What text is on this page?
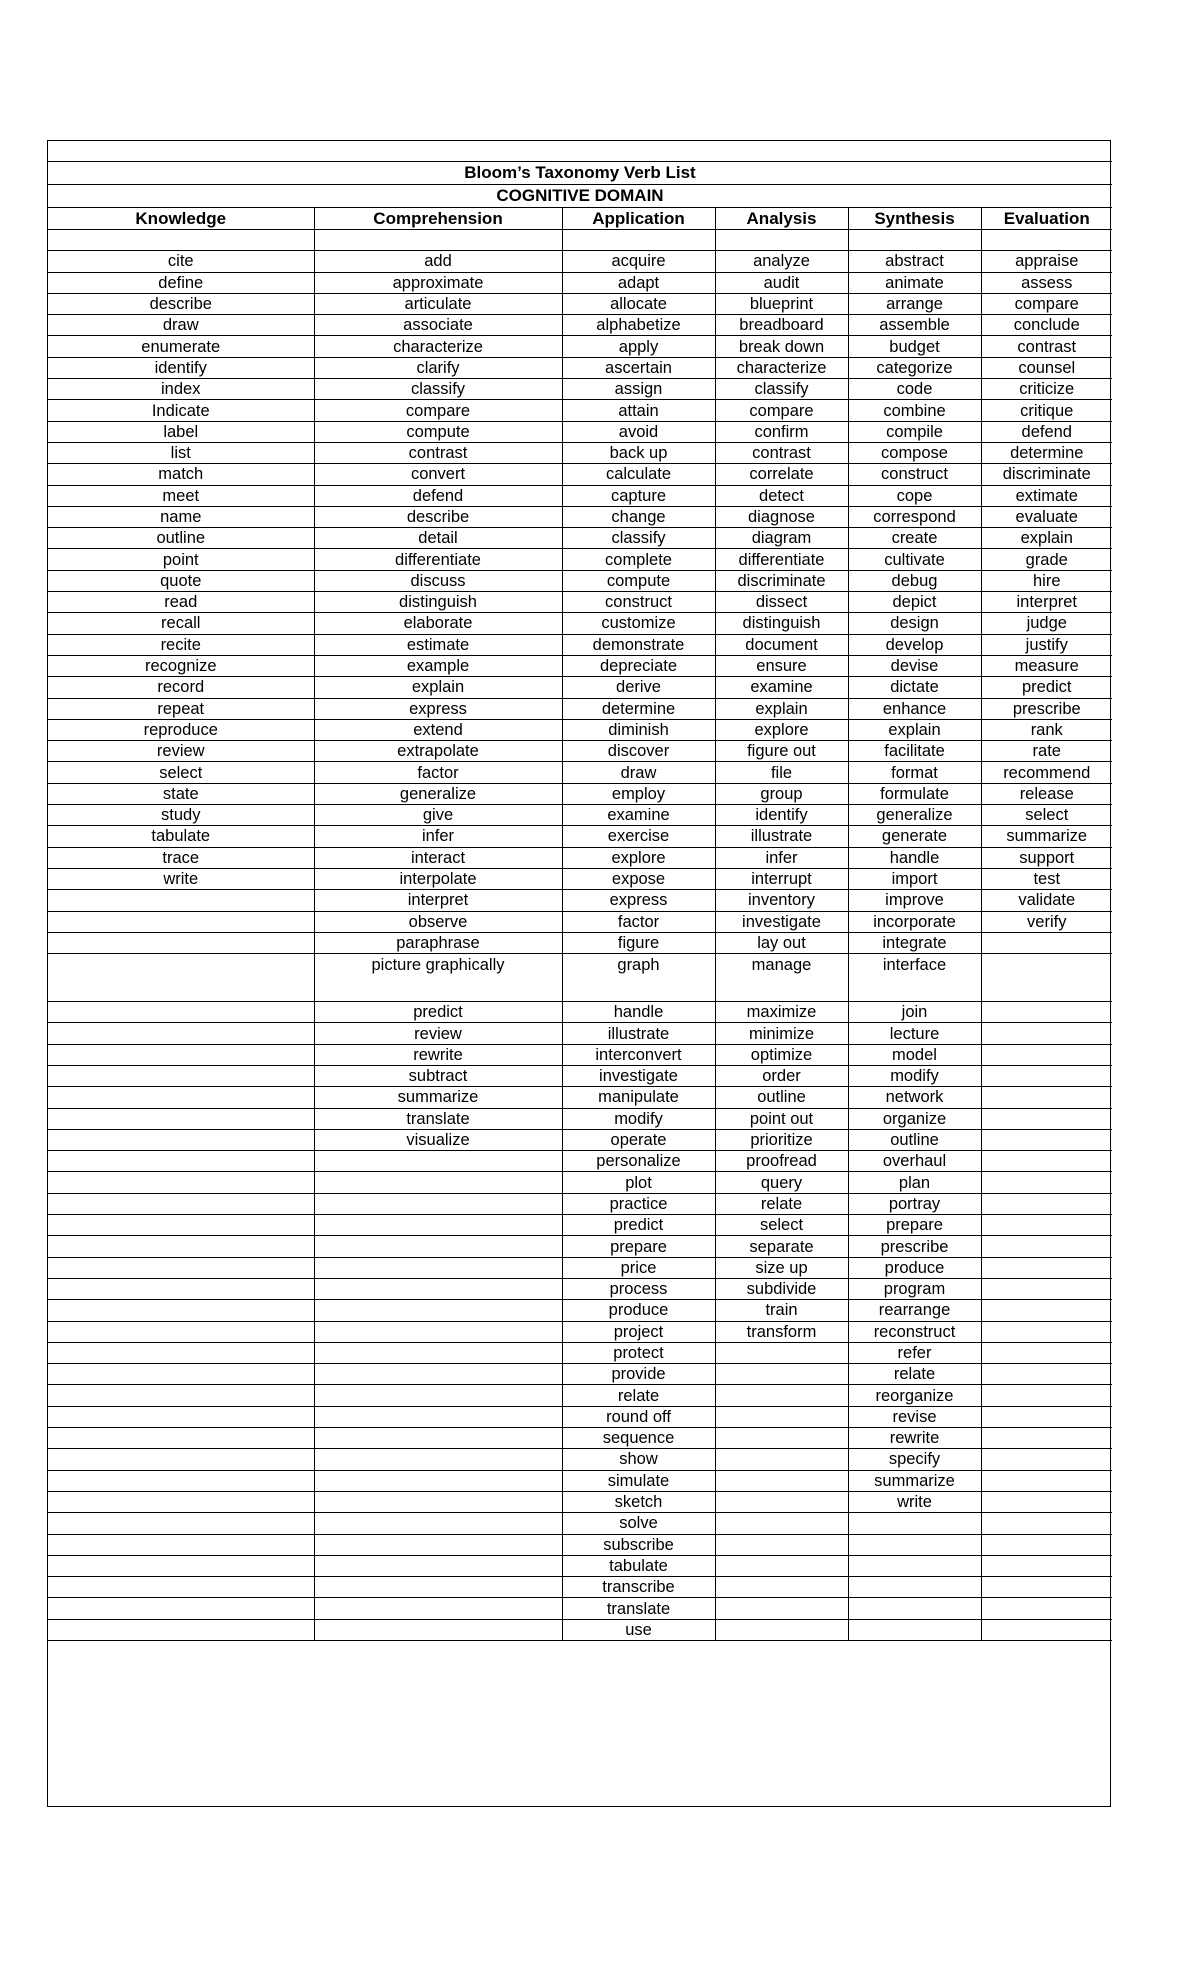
Bloom’s Taxonomy Verb List					
COGNITIVE DOMAIN					
Knowledge	Comprehension	Application	Analysis	Synthesis	Evaluation

cite	add	acquire	analyze	abstract	appraise
define	approximate	adapt	audit	animate	assess
describe	articulate	allocate	blueprint	arrange	compare
draw	associate	alphabetize	breadboard	assemble	conclude
enumerate	characterize	apply	break down	budget	contrast
identify	clarify	ascertain	characterize	categorize	counsel
index	classify	assign	classify	code	criticize
Indicate	compare	attain	compare	combine	critique
label	compute	avoid	confirm	compile	defend
list	contrast	back up	contrast	compose	determine
match	convert	calculate	correlate	construct	discriminate
meet	defend	capture	detect	cope	extimate
name	describe	change	diagnose	correspond	evaluate
outline	detail	classify	diagram	create	explain
point	differentiate	complete	differentiate	cultivate	grade
quote	discuss	compute	discriminate	debug	hire
read	distinguish	construct	dissect	depict	interpret
recall	elaborate	customize	distinguish	design	judge
recite	estimate	demonstrate	document	develop	justify
recognize	example	depreciate	ensure	devise	measure
record	explain	derive	examine	dictate	predict
repeat	express	determine	explain	enhance	prescribe
reproduce	extend	diminish	explore	explain	rank
review	extrapolate	discover	figure out	facilitate	rate
select	factor	draw	file	format	recommend
state	generalize	employ	group	formulate	release
study	give	examine	identify	generalize	select
tabulate	infer	exercise	illustrate	generate	summarize
trace	interact	explore	infer	handle	support
write	interpolate	expose	interrupt	import	test
	interpret	express	inventory	improve	validate
	observe	factor	investigate	incorporate	verify
	paraphrase	figure	lay out	integrate	
	picture graphically	graph	manage	interface	
	predict	handle	maximize	join	
	review	illustrate	minimize	lecture	
	rewrite	interconvert	optimize	model	
	subtract	investigate	order	modify	
	summarize	manipulate	outline	network	
	translate	modify	point out	organize	
	visualize	operate	prioritize	outline	
		personalize	proofread	overhaul	
		plot	query	plan	
		practice	relate	portray	
		predict	select	prepare	
		prepare	separate	prescribe	
		price	size up	produce	
		process	subdivide	program	
		produce	train	rearrange	
		project	transform	reconstruct	
		protect		refer	
		provide		relate	
		relate		reorganize	
		round off		revise	
		sequence		rewrite	
		show		specify	
		simulate		summarize	
		sketch		write	
		solve			
		subscribe			
		tabulate			
		transcribe			
		translate			
		use			
